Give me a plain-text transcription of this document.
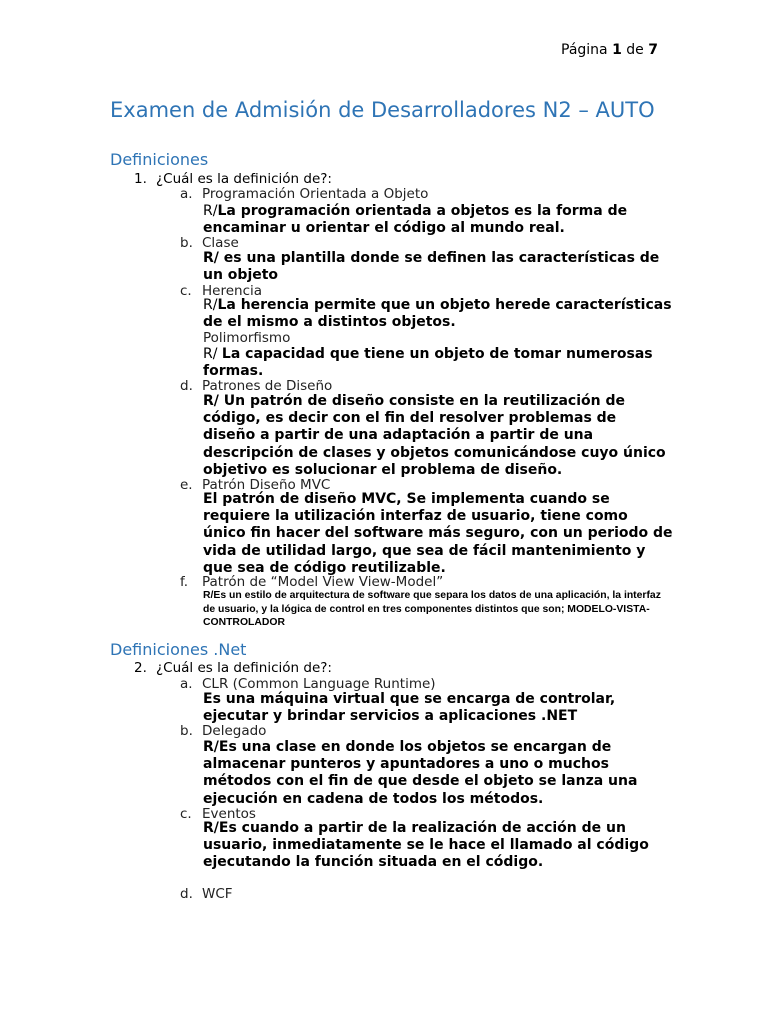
Página 1 de 7
Examen de Admisión de Desarrolladores N2 – AUTO
Definiciones
1. ¿Cuál es la definición de?:
a. Programación Orientada a Objeto
R/La programación orientada a objetos es la forma de encaminar u orientar el código al mundo real.
b. Clase
R/ es una plantilla donde se definen las características de un objeto
c. Herencia
R/La herencia permite que un objeto herede características de el mismo a distintos objetos.
Polimorfismo
R/ La capacidad que tiene un objeto de tomar numerosas formas.
d. Patrones de Diseño
R/ Un patrón de diseño consiste en la reutilización de código, es decir con el fin del resolver problemas de diseño a partir de una adaptación a partir de una descripción de clases y objetos comunicándose cuyo único objetivo es solucionar el problema de diseño.
e. Patrón Diseño MVC
El patrón de diseño MVC, Se implementa cuando se requiere la utilización interfaz de usuario, tiene como único fin hacer del software más seguro, con un periodo de vida de utilidad largo, que sea de fácil mantenimiento y que sea de código reutilizable.
f. Patrón de “Model View View-Model”
R/Es un estilo de arquitectura de software que separa los datos de una aplicación, la interfaz de usuario, y la lógica de control en tres componentes distintos que son; MODELO-VISTA-CONTROLADOR
Definiciones .Net
2. ¿Cuál es la definición de?:
a. CLR (Common Language Runtime)
Es una máquina virtual que se encarga de controlar, ejecutar y brindar servicios a aplicaciones .NET
b. Delegado
R/Es una clase en donde los objetos se encargan de almacenar punteros y apuntadores a uno o muchos métodos con el fin de que desde el objeto se lanza una ejecución en cadena de todos los métodos.
c. Eventos
R/Es cuando a partir de la realización de acción de un usuario, inmediatamente se le hace el llamado al código ejecutando la función situada en el código.
d. WCF
